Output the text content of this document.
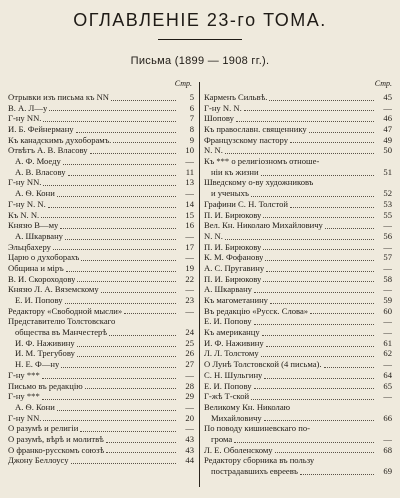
ОГЛАВЛЕНІЕ 23-го ТОМА.
Письма (1899 — 1908 гг.).
Стр.	Стр.
Отрывки изъ письма къ NN	5
В. А. Л—у	6
Г-ну NN.	7
И. Б. Фейнерману	8
Къ канадскимъ духоборамъ.	9
Отвѣтъ А. В. Власову	10
А. Ф. Моеду	—
А. В. Власову	11
Г-ну NN.	13
А. Ѳ. Кони	—
Г-ну N. N.	14
Къ N. N.	15
Князю В—му	16
А. Шкарвану	—
Эльцбахеру	17
Царю о духоборахъ	—
Община и міръ	19
В. И. Скороходову	22
Князю Л. А. Вяземскому	—
Е. И. Попову	23
Редактору «Свободной мысли»	—
Представителю Толстовскаго
общества въ Манчестерѣ	24
И. Ф. Наживину	25
И. М. Трегубову	26
Н. Е. Ф—ну	27
Г-ну ***	—
Письмо въ редакцію	28
Г-ну ***	29
А. Ѳ. Кони	—
Г-ну NN.	20
О разумѣ и религіи	—
О разумѣ, вѣрѣ и молитвѣ	43
О франко-русскомъ союзѣ	43
Джону Беллоусу	44
Карменъ Сильвѣ.	45
Г-ну N. N.	—
Шопову	46
Къ православн. священнику	47
Французскому пастору	49
N. N.	50
Къ *** о религіозномъ отноше-
ніи къ жизни	51
Шведскому о-ву художниковъ
и ученыхъ	52
Графини С. Н. Толстой	53
П. И. Бирюкову	55
Вел. Кн. Николаю Михайловичу	—
N. N.	56
П. И. Бирюкову	—
К. М. Фофанову	57
А. С. Пругавину	—
П. И. Бирюкову	58
А. Шкарвану	—
Къ магометанину	59
Въ редакцію «Русск. Слова»	60
Е. И. Попову	—
Къ американцу	—
И. Ф. Наживину	61
Л. Л. Толстому	62
О Лунѣ Толстовской (4 письма).	—
С. Н. Шульгину	64
Е. И. Попову	65
Г-жѣ Т-ской	—
Великому Кн. Николаю
Михайловичу	66
По поводу кишиневскаго по-
грома	—
Л. Е. Оболенскому	68
Редактору сборника въ пользу
пострадавшихъ евреевъ	69
